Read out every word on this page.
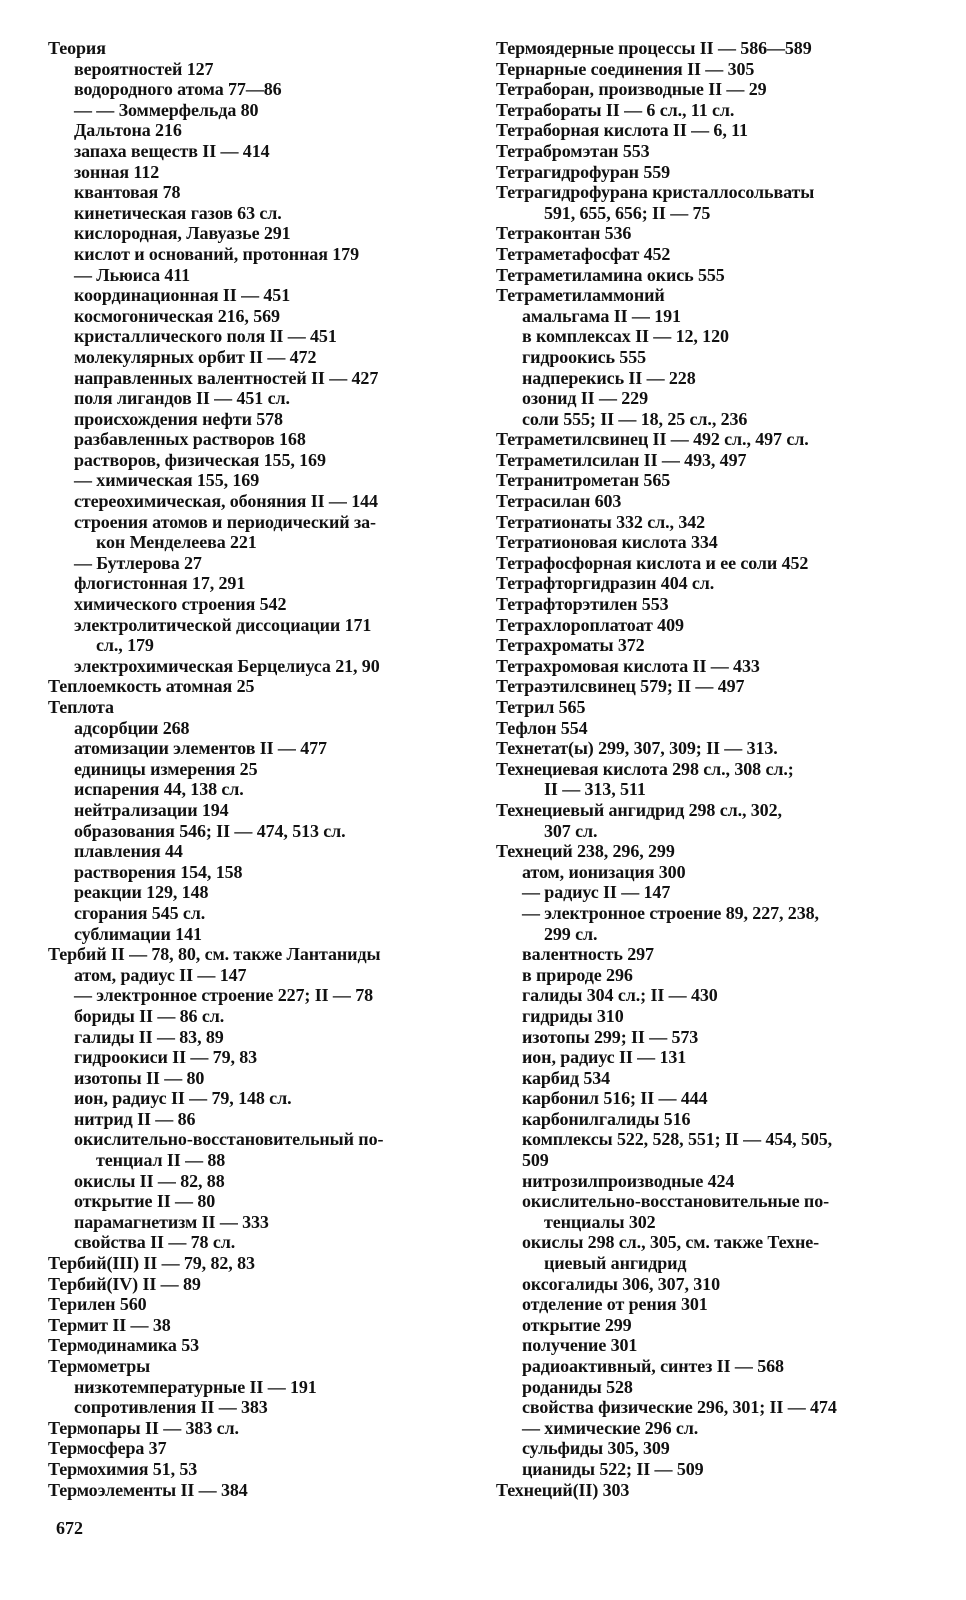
Теория
вероятностей 127
водородного атома 77—86
— — Зоммерфельда 80
Дальтона 216
запаха веществ II — 414
зонная 112
квантовая 78
кинетическая газов 63 сл.
кислородная, Лавуазье 291
кислот и оснований, протонная 179
— Льюиса 411
координационная II — 451
космогоническая 216, 569
кристаллического поля II — 451
молекулярных орбит II — 472
направленных валентностей II — 427
поля лигандов II — 451 сл.
происхождения нефти 578
разбавленных растворов 168
растворов, физическая 155, 169
— химическая 155, 169
стереохимическая, обоняния II — 144
строения атомов и периодический за-
кон Менделеева 221
— Бутлерова 27
флогистонная 17, 291
химического строения 542
электролитической диссоциации 171
сл., 179
электрохимическая Берцелиуса 21, 90
Теплоемкость атомная 25
Теплота
адсорбции 268
атомизации элементов II — 477
единицы измерения 25
испарения 44, 138 сл.
нейтрализации 194
образования 546; II — 474, 513 сл.
плавления 44
растворения 154, 158
реакции 129, 148
сгорания 545 сл.
сублимации 141
Тербий II — 78, 80, см. также Лантаниды
атом, радиус II — 147
— электронное строение 227; II — 78
бориды II — 86 сл.
галиды II — 83, 89
гидроокиси II — 79, 83
изотопы II — 80
ион, радиус II — 79, 148 сл.
нитрид II — 86
окислительно-восстановительный по-
тенциал II — 88
окислы II — 82, 88
открытие II — 80
парамагнетизм II — 333
свойства II — 78 сл.
Тербий(III) II — 79, 82, 83
Тербий(IV) II — 89
Терилен 560
Термит II — 38
Термодинамика 53
Термометры
низкотемпературные II — 191
сопротивления II — 383
Термопары II — 383 сл.
Термосфера 37
Термохимия 51, 53
Термоэлементы II — 384
Термоядерные процессы II — 586—589
Тернарные соединения II — 305
Тетраборан, производные II — 29
Тетрабораты II — 6 сл., 11 сл.
Тетраборная кислота II — 6, 11
Тетрабромэтан 553
Тетрагидрофуран 559
Тетрагидрофурана кристаллосольваты
591, 655, 656; II — 75
Тетраконтан 536
Тетраметафосфат 452
Тетраметиламина окись 555
Тетраметиламмоний
амальгама II — 191
в комплексах II — 12, 120
гидроокись 555
надперекись II — 228
озонид II — 229
соли 555; II — 18, 25 сл., 236
Тетраметилсвинец II — 492 сл., 497 сл.
Тетраметилсилан II — 493, 497
Тетранитрометан 565
Тетрасилан 603
Тетратионаты 332 сл., 342
Тетратионовая кислота 334
Тетрафосфорная кислота и ее соли 452
Тетрафторгидразин 404 сл.
Тетрафторэтилен 553
Тетрахлороплатоат 409
Тетрахроматы 372
Тетрахромовая кислота II — 433
Тетраэтилсвинец 579; II — 497
Тетрил 565
Тефлон 554
Технетат(ы) 299, 307, 309; II — 313.
Технециевая кислота 298 сл., 308 сл.;
II — 313, 511
Технециевый ангидрид 298 сл., 302,
307 сл.
Технеций 238, 296, 299
атом, ионизация 300
— радиус II — 147
— электронное строение 89, 227, 238,
299 сл.
валентность 297
в природе 296
галиды 304 сл.; II — 430
гидриды 310
изотопы 299; II — 573
ион, радиус II — 131
карбид 534
карбонил 516; II — 444
карбонилгалиды 516
комплексы 522, 528, 551; II — 454, 505,
509
нитрозилпроизводные 424
окислительно-восстановительные по-
тенциалы 302
окислы 298 сл., 305, см. также Техне-
циевый ангидрид
оксогалиды 306, 307, 310
отделение от рения 301
открытие 299
получение 301
радиоактивный, синтез II — 568
роданиды 528
свойства физические 296, 301; II — 474
— химические 296 сл.
сульфиды 305, 309
цианиды 522; II — 509
Технеций(II) 303
672
